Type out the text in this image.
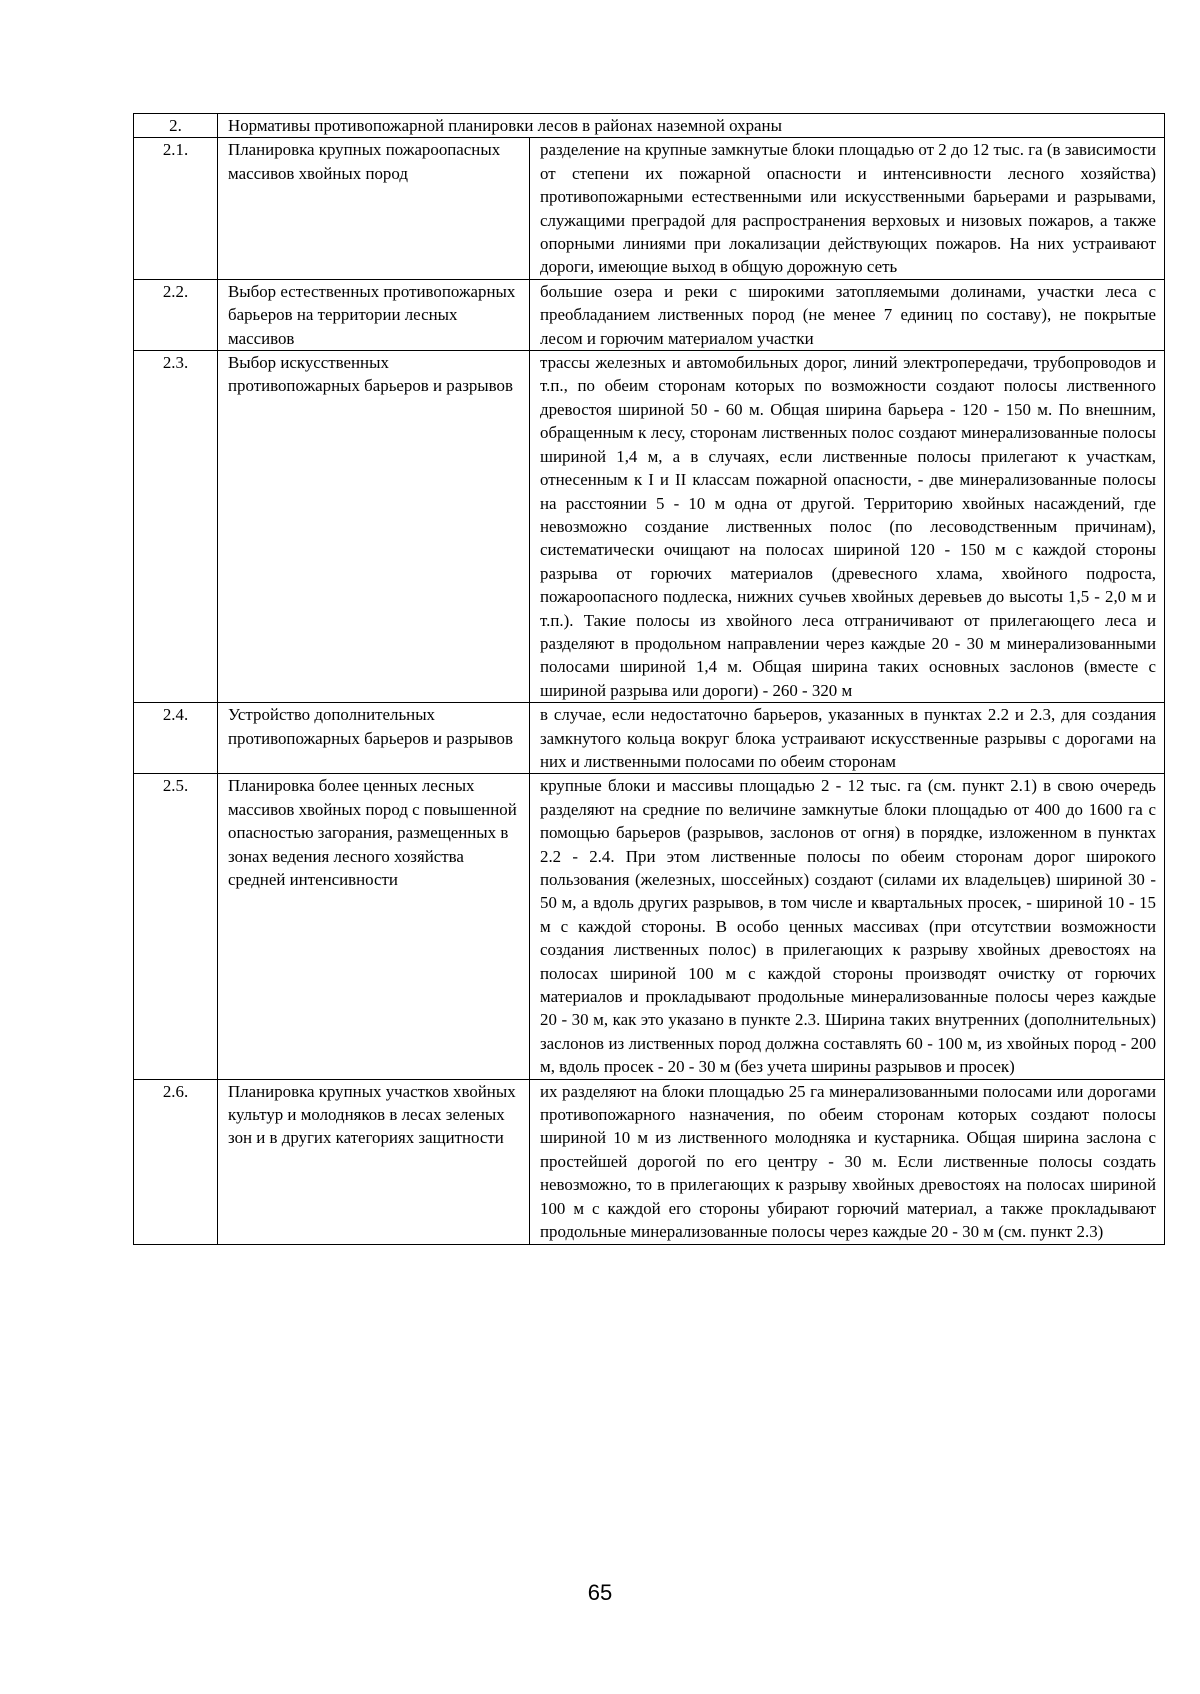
2.	Нормативы противопожарной планировки лесов в районах наземной охраны	
2.1.	Планировка крупных пожароопасных массивов хвойных пород	разделение на крупные замкнутые блоки площадью от 2 до 12 тыс. га (в зависимости от степени их пожарной опасности и интенсивности лесного хозяйства) противопожарными естественными или искусственными барьерами и разрывами, служащими преградой для распространения верховых и низовых пожаров, а также опорными линиями при локализации действующих пожаров. На них устраивают дороги, имеющие выход в общую дорожную сеть
2.2.	Выбор естественных противопожарных барьеров на территории лесных массивов	большие озера и реки с широкими затопляемыми долинами, участки леса с преобладанием лиственных пород (не менее 7 единиц по составу), не покрытые лесом и горючим материалом участки
2.3.	Выбор искусственных противопожарных барьеров и разрывов	трассы железных и автомобильных дорог, линий электропередачи, трубопроводов и т.п., по обеим сторонам которых по возможности создают полосы лиственного древостоя шириной 50 - 60 м. Общая ширина барьера - 120 - 150 м. По внешним, обращенным к лесу, сторонам лиственных полос создают минерализованные полосы шириной 1,4 м, а в случаях, если лиственные полосы прилегают к участкам, отнесенным к I и II классам пожарной опасности, - две минерализованные полосы на расстоянии 5 - 10 м одна от другой. Территорию хвойных насаждений, где невозможно создание лиственных полос (по лесоводственным причинам), систематически очищают на полосах шириной 120 - 150 м с каждой стороны разрыва от горючих материалов (древесного хлама, хвойного подроста, пожароопасного подлеска, нижних сучьев хвойных деревьев до высоты 1,5 - 2,0 м и т.п.). Такие полосы из хвойного леса отграничивают от прилегающего леса и разделяют в продольном направлении через каждые 20 - 30 м минерализованными полосами шириной 1,4 м. Общая ширина таких основных заслонов (вместе с шириной разрыва или дороги) - 260 - 320 м
2.4.	Устройство дополнительных противопожарных барьеров и разрывов	в случае, если недостаточно барьеров, указанных в пунктах 2.2 и 2.3, для создания замкнутого кольца вокруг блока устраивают искусственные разрывы с дорогами на них и лиственными полосами по обеим сторонам
2.5.	Планировка более ценных лесных массивов хвойных пород с повышенной опасностью загорания, размещенных в зонах ведения лесного хозяйства средней интенсивности	крупные блоки и массивы площадью 2 - 12 тыс. га (см. пункт 2.1) в свою очередь разделяют на средние по величине замкнутые блоки площадью от 400 до 1600 га с помощью барьеров (разрывов, заслонов от огня) в порядке, изложенном в пунктах 2.2 - 2.4. При этом лиственные полосы по обеим сторонам дорог широкого пользования (железных, шоссейных) создают (силами их владельцев) шириной 30 - 50 м, а вдоль других разрывов, в том числе и квартальных просек, - шириной 10 - 15 м с каждой стороны. В особо ценных массивах (при отсутствии возможности создания лиственных полос) в прилегающих к разрыву хвойных древостоях на полосах шириной 100 м с каждой стороны производят очистку от горючих материалов и прокладывают продольные минерализованные полосы через каждые 20 - 30 м, как это указано в пункте 2.3. Ширина таких внутренних (дополнительных) заслонов из лиственных пород должна составлять 60 - 100 м, из хвойных пород - 200 м, вдоль просек - 20 - 30 м (без учета ширины разрывов и просек)
2.6.	Планировка крупных участков хвойных культур и молодняков в лесах зеленых зон и в других категориях защитности	их разделяют на блоки площадью 25 га минерализованными полосами или дорогами противопожарного назначения, по обеим сторонам которых создают полосы шириной 10 м из лиственного молодняка и кустарника. Общая ширина заслона с простейшей дорогой по его центру - 30 м. Если лиственные полосы создать невозможно, то в прилегающих к разрыву хвойных древостоях на полосах шириной 100 м с каждой его стороны убирают горючий материал, а также прокладывают продольные минерализованные полосы через каждые 20 - 30 м (см. пункт 2.3)
65
